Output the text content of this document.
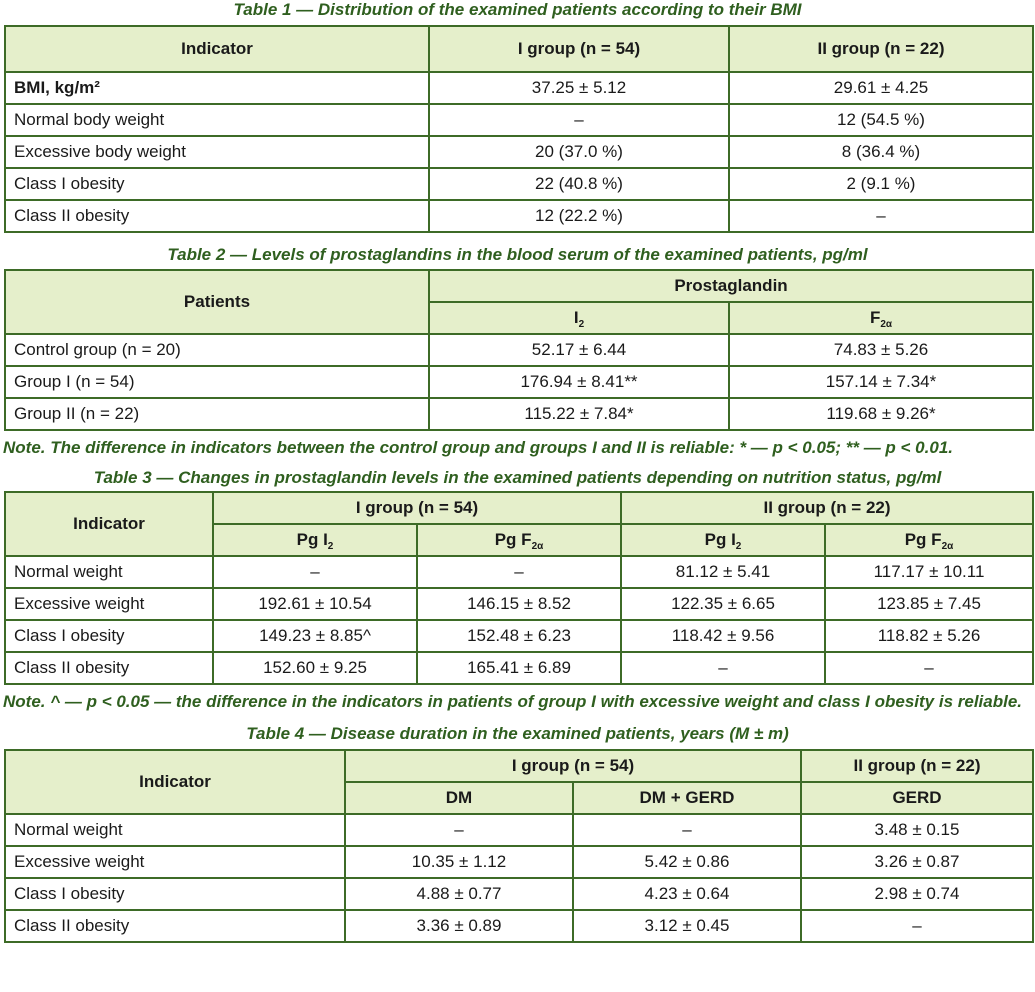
Table 1 — Distribution of the examined patients according to their BMI
Indicator	I group (n = 54)	II group (n = 22)
BMI, kg/m²	37.25 ± 5.12	29.61 ± 4.25
Normal body weight	–	12 (54.5 %)
Excessive body weight	20 (37.0 %)	8 (36.4 %)
Class I obesity	22 (40.8 %)	2 (9.1 %)
Class II obesity	12 (22.2 %)	–
Table 2 — Levels of prostaglandins in the blood serum of the examined patients, pg/ml
Patients	Prostaglandin	
	$I_2$	$F_{2\alpha}$
Control group (n = 20)	52.17 ± 6.44	74.83 ± 5.26
Group I (n = 54)	176.94 ± 8.41**	157.14 ± 7.34*
Group II (n = 22)	115.22 ± 7.84*	119.68 ± 9.26*
Note. The difference in indicators between the control group and groups I and II is reliable: * — p < 0.05; ** — p < 0.01.
Table 3 — Changes in prostaglandin levels in the examined patients depending on nutrition status, pg/ml
Indicator	I group (n = 54)		II group (n = 22)	
	Pg $I_2$	Pg $F_{2\alpha}$	Pg $I_2$	Pg $F_{2\alpha}$
Normal weight	–	–	81.12 ± 5.41	117.17 ± 10.11
Excessive weight	192.61 ± 10.54	146.15 ± 8.52	122.35 ± 6.65	123.85 ± 7.45
Class I obesity	149.23 ± 8.85^	152.48 ± 6.23	118.42 ± 9.56	118.82 ± 5.26
Class II obesity	152.60 ± 9.25	165.41 ± 6.89	–	–
Note. ^ — p < 0.05 — the difference in the indicators in patients of group I with excessive weight and class I obesity is reliable.
Table 4 — Disease duration in the examined patients, years (M ± m)
Indicator	I group (n = 54)		II group (n = 22)
	DM	DM + GERD	GERD
Normal weight	–	–	3.48 ± 0.15
Excessive weight	10.35 ± 1.12	5.42 ± 0.86	3.26 ± 0.87
Class I obesity	4.88 ± 0.77	4.23 ± 0.64	2.98 ± 0.74
Class II obesity	3.36 ± 0.89	3.12 ± 0.45	–
